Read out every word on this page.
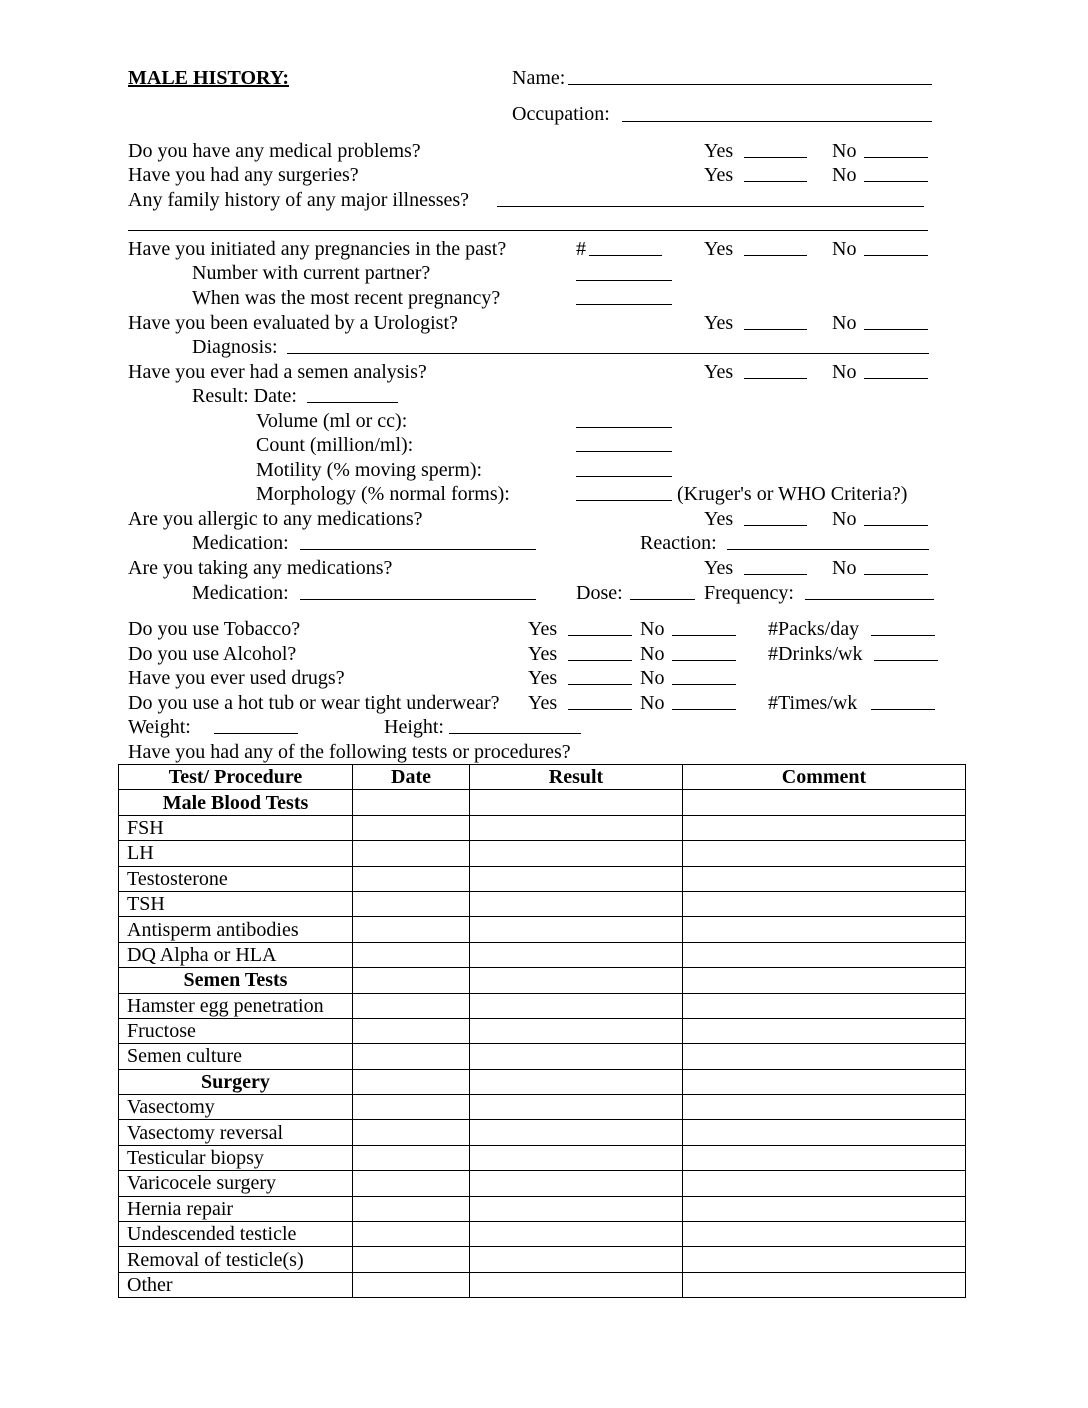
MALE HISTORY:	Name:
Occupation:
Do you have any medical problems?	Yes	No
Have you had any surgeries?	Yes	No
Any family history of any major illnesses?
Have you initiated any pregnancies in the past?	#	Yes	No
Number with current partner?
When was the most recent pregnancy?
Have you been evaluated by a Urologist?	Yes	No
Diagnosis:
Have you ever had a semen analysis?	Yes	No
Result: Date:
Volume (ml or cc):
Count (million/ml):
Motility (% moving sperm):
Morphology (% normal forms):	(Kruger's or WHO Criteria?)
Are you allergic to any medications?	Yes	No
Medication:	Reaction:
Are you taking any medications?	Yes	No
Medication:	Dose:	Frequency:
Do you use Tobacco?	Yes	No	#Packs/day
Do you use Alcohol?	Yes	No	#Drinks/wk
Have you ever used drugs?	Yes	No
Do you use a hot tub or wear tight underwear? Yes	No	#Times/wk
Weight:	Height:
Have you had any of the following tests or procedures?
Test/ Procedure	Date	Result	Comment
Male Blood Tests			
FSH			
LH			
Testosterone			
TSH			
Antisperm antibodies			
DQ Alpha or HLA			
Semen Tests			
Hamster egg penetration			
Fructose			
Semen culture			
Surgery			
Vasectomy			
Vasectomy reversal			
Testicular biopsy			
Varicocele surgery			
Hernia repair			
Undescended testicle			
Removal of testicle(s)			
Other			
